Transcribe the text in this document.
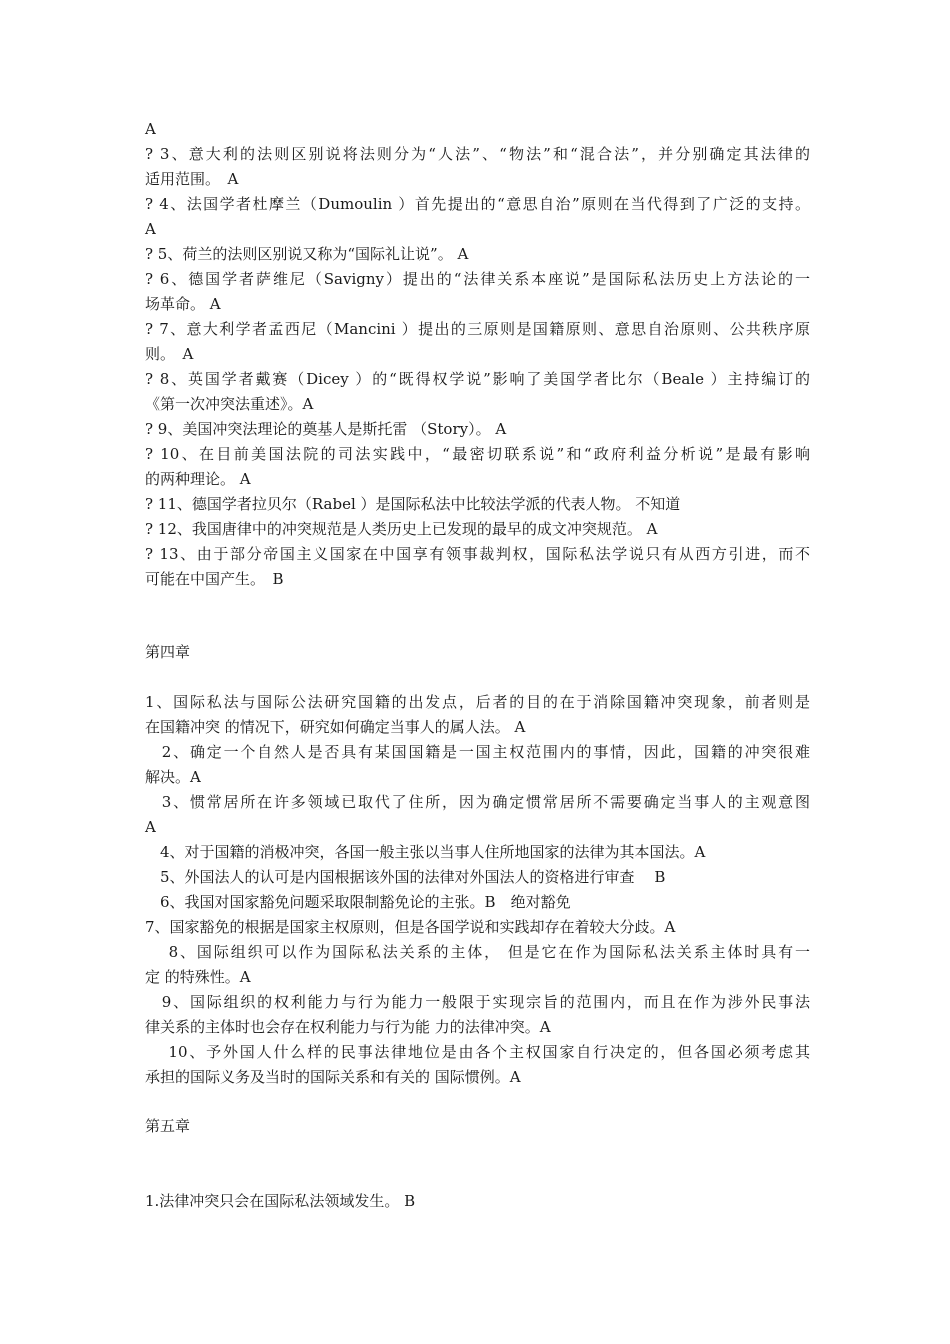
A
? 3、意大利的法则区别说将法则分为“人法”、“物法”和“混合法”，并分别确定其法律的
适用范围。　A
? 4、法国学者杜摩兰（Dumoulin ）首先提出的“意思自治”原则在当代得到了广泛的支持。
A
? 5、荷兰的法则区别说又称为“国际礼让说”。 A
? 6、德国学者萨维尼（Savigny）提出的“法律关系本座说”是国际私法历史上方法论的一
场革命。 A
? 7、意大利学者孟西尼（Mancini ）提出的三原则是国籍原则、意思自治原则、公共秩序原
则。　A
? 8、英国学者戴赛（Dicey ）的“既得权学说”影响了美国学者比尔（Beale ）主持编订的
《第一次冲突法重述》。A
? 9、美国冲突法理论的奠基人是斯托雷 （Story）。 A
? 10、在目前美国法院的司法实践中，“最密切联系说”和“政府利益分析说”是最有影响
的两种理论。 A
? 11、德国学者拉贝尔（Rabel ）是国际私法中比较法学派的代表人物。 不知道
? 12、我国唐律中的冲突规范是人类历史上已发现的最早的成文冲突规范。 A
? 13、由于部分帝国主义国家在中国享有领事裁判权，国际私法学说只有从西方引进，而不
可能在中国产生。　B
第四章
1、国际私法与国际公法研究国籍的出发点，后者的目的在于消除国籍冲突现象，前者则是
在国籍冲突 的情况下，研究如何确定当事人的属人法。 A
　2、确定一个自然人是否具有某国国籍是一国主权范围内的事情，因此，国籍的冲突很难
解决。A
　3、惯常居所在许多领域已取代了住所，因为确定惯常居所不需要确定当事人的主观意图
A
　4、对于国籍的消极冲突，各国一般主张以当事人住所地国家的法律为其本国法。A
　5、外国法人的认可是内国根据该外国的法律对外国法人的资格进行审查　 B
　6、我国对国家豁免问题采取限制豁免论的主张。B　绝对豁免
7、国家豁免的根据是国家主权原则，但是各国学说和实践却存在着较大分歧。A
　 8、国际组织可以作为国际私法关系的主体， 但是它在作为国际私法关系主体时具有一
定 的特殊性。A
　9、国际组织的权利能力与行为能力一般限于实现宗旨的范围内，而且在作为涉外民事法
律关系的主体时也会存在权利能力与行为能 力的法律冲突。A
　 10、予外国人什么样的民事法律地位是由各个主权国家自行决定的，但各国必须考虑其
承担的国际义务及当时的国际关系和有关的 国际惯例。A
第五章
1.法律冲突只会在国际私法领域发生。 B
